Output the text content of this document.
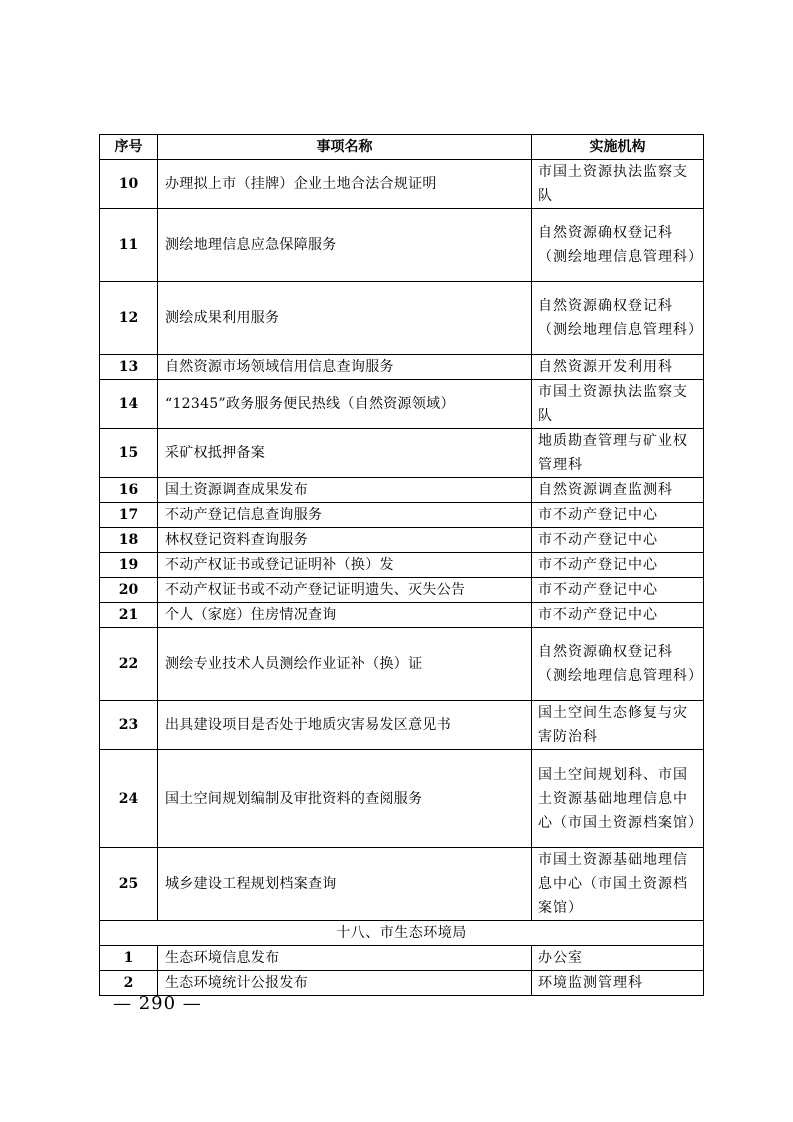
序号	事项名称	实施机构
10	办理拟上市（挂牌）企业土地合法合规证明	市国土资源执法监察支队
11	测绘地理信息应急保障服务	自然资源确权登记科（测绘地理信息管理科）
12	测绘成果利用服务	自然资源确权登记科（测绘地理信息管理科）
13	自然资源市场领域信用信息查询服务	自然资源开发利用科
14	“12345”政务服务便民热线（自然资源领域）	市国土资源执法监察支队
15	采矿权抵押备案	地质勘查管理与矿业权管理科
16	国土资源调查成果发布	自然资源调查监测科
17	不动产登记信息查询服务	市不动产登记中心
18	林权登记资料查询服务	市不动产登记中心
19	不动产权证书或登记证明补（换）发	市不动产登记中心
20	不动产权证书或不动产登记证明遗失、灭失公告	市不动产登记中心
21	个人（家庭）住房情况查询	市不动产登记中心
22	测绘专业技术人员测绘作业证补（换）证	自然资源确权登记科（测绘地理信息管理科）
23	出具建设项目是否处于地质灾害易发区意见书	国土空间生态修复与灾害防治科
24	国土空间规划编制及审批资料的查阅服务	国土空间规划科、市国土资源基础地理信息中心（市国土资源档案馆）
25	城乡建设工程规划档案查询	市国土资源基础地理信息中心（市国土资源档案馆）
十八、市生态环境局		
1	生态环境信息发布	办公室
2	生态环境统计公报发布	环境监测管理科
— 290 —
